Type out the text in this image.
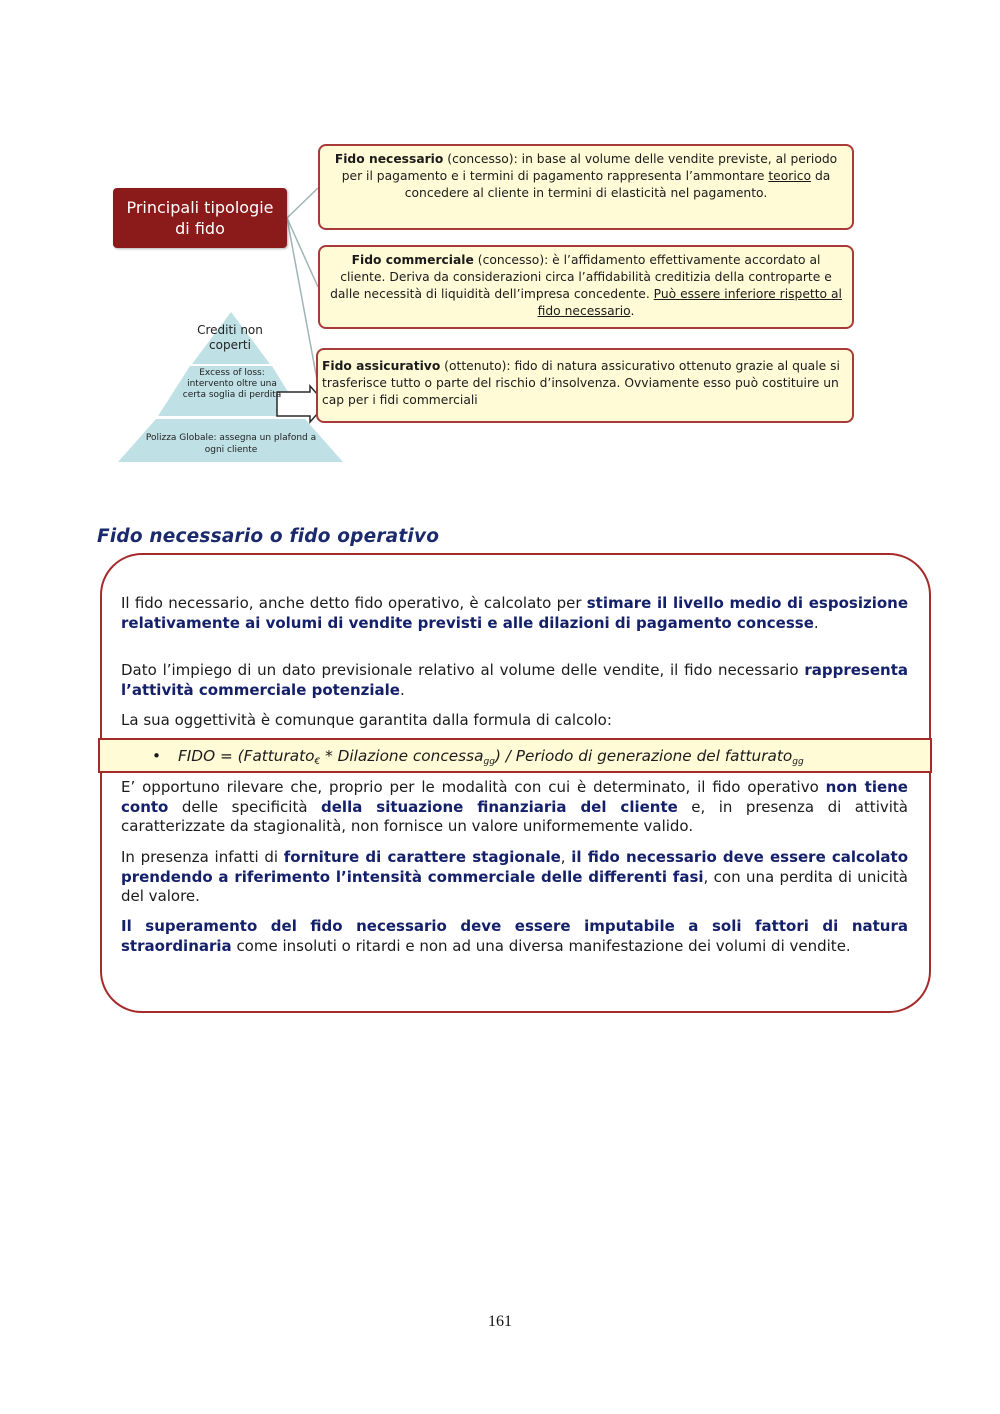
Principali tipologie di fido
Fido necessario (concesso): in base al volume delle vendite previste, al periodo per il pagamento e i termini di pagamento rappresenta l’ammontare teorico da concedere al cliente in termini di elasticità nel pagamento.
Fido commerciale (concesso): è l’affidamento effettivamente accordato al cliente. Deriva da considerazioni circa l’affidabilità creditizia della controparte e dalle necessità di liquidità dell’impresa concedente. Può essere inferiore rispetto al fido necessario.
Fido assicurativo (ottenuto): fido di natura assicurativo ottenuto grazie al quale si trasferisce tutto o parte del rischio d’insolvenza. Ovviamente esso può costituire un cap per i fidi commerciali
Crediti non coperti
Excess of loss: intervento oltre una certa soglia di perdita
Polizza Globale: assegna un plafond a ogni cliente
Fido necessario o fido operativo
Il fido necessario, anche detto fido operativo, è calcolato per stimare il livello medio di esposizione relativamente ai volumi di vendite previsti e alle dilazioni di pagamento concesse.
Dato l’impiego di un dato previsionale relativo al volume delle vendite, il fido necessario rappresenta l’attività commerciale potenziale.
La sua oggettività è comunque garantita dalla formula di calcolo:
•	FIDO = (Fatturato$_€$ * Dilazione concessa$_{gg}$) / Periodo di generazione del fatturato$_{gg}$
E’ opportuno rilevare che, proprio per le modalità con cui è determinato, il fido operativo non tiene conto delle specificità della situazione finanziaria del cliente e, in presenza di attività caratterizzate da stagionalità, non fornisce un valore uniformemente valido.
In presenza infatti di forniture di carattere stagionale, il fido necessario deve essere calcolato prendendo a riferimento l’intensità commerciale delle differenti fasi, con una perdita di unicità del valore.
Il superamento del fido necessario deve essere imputabile a soli fattori di natura straordinaria come insoluti o ritardi e non ad una diversa manifestazione dei volumi di vendite.
161
